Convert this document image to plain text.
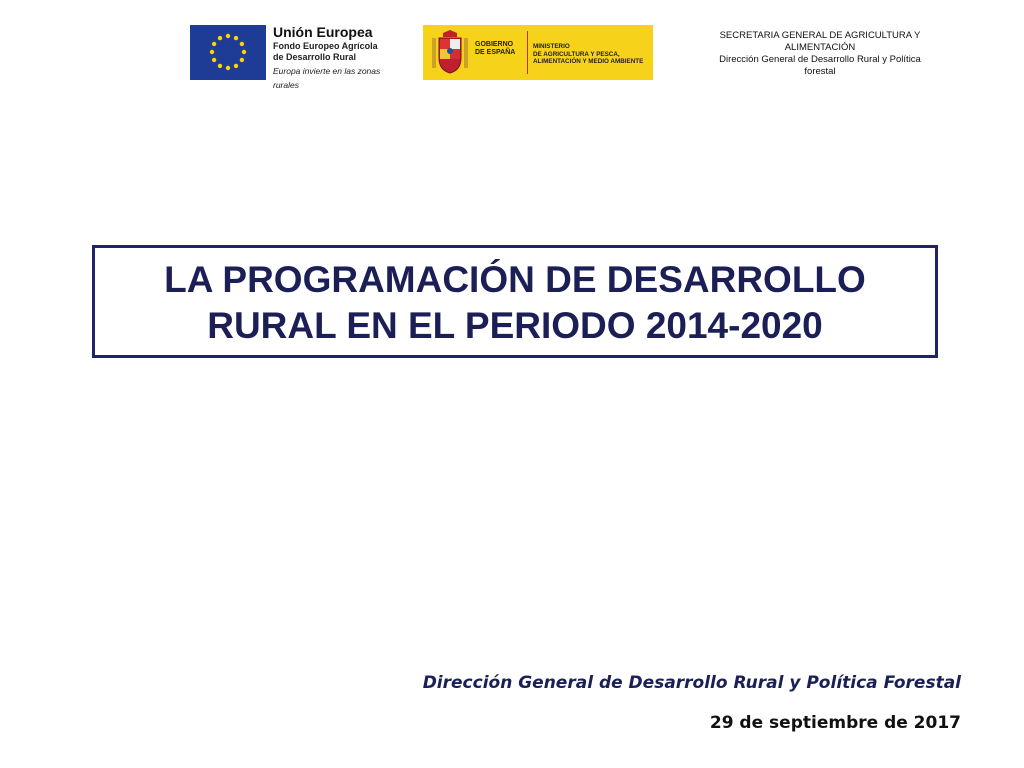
Unión Europea
Fondo Europeo Agrícola
de Desarrollo Rural
Europa invierte en las zonas rurales
GOBIERNO
DE ESPAÑA
MINISTERIO
DE AGRICULTURA Y PESCA,
ALIMENTACIÓN Y MEDIO AMBIENTE
SECRETARIA GENERAL DE AGRICULTURA Y
ALIMENTACIÓN
Dirección General de Desarrollo Rural y Política
forestal
LA PROGRAMACIÓN DE DESARROLLO
RURAL EN EL PERIODO 2014-2020
Dirección General de Desarrollo Rural y Política Forestal
29 de septiembre de 2017
